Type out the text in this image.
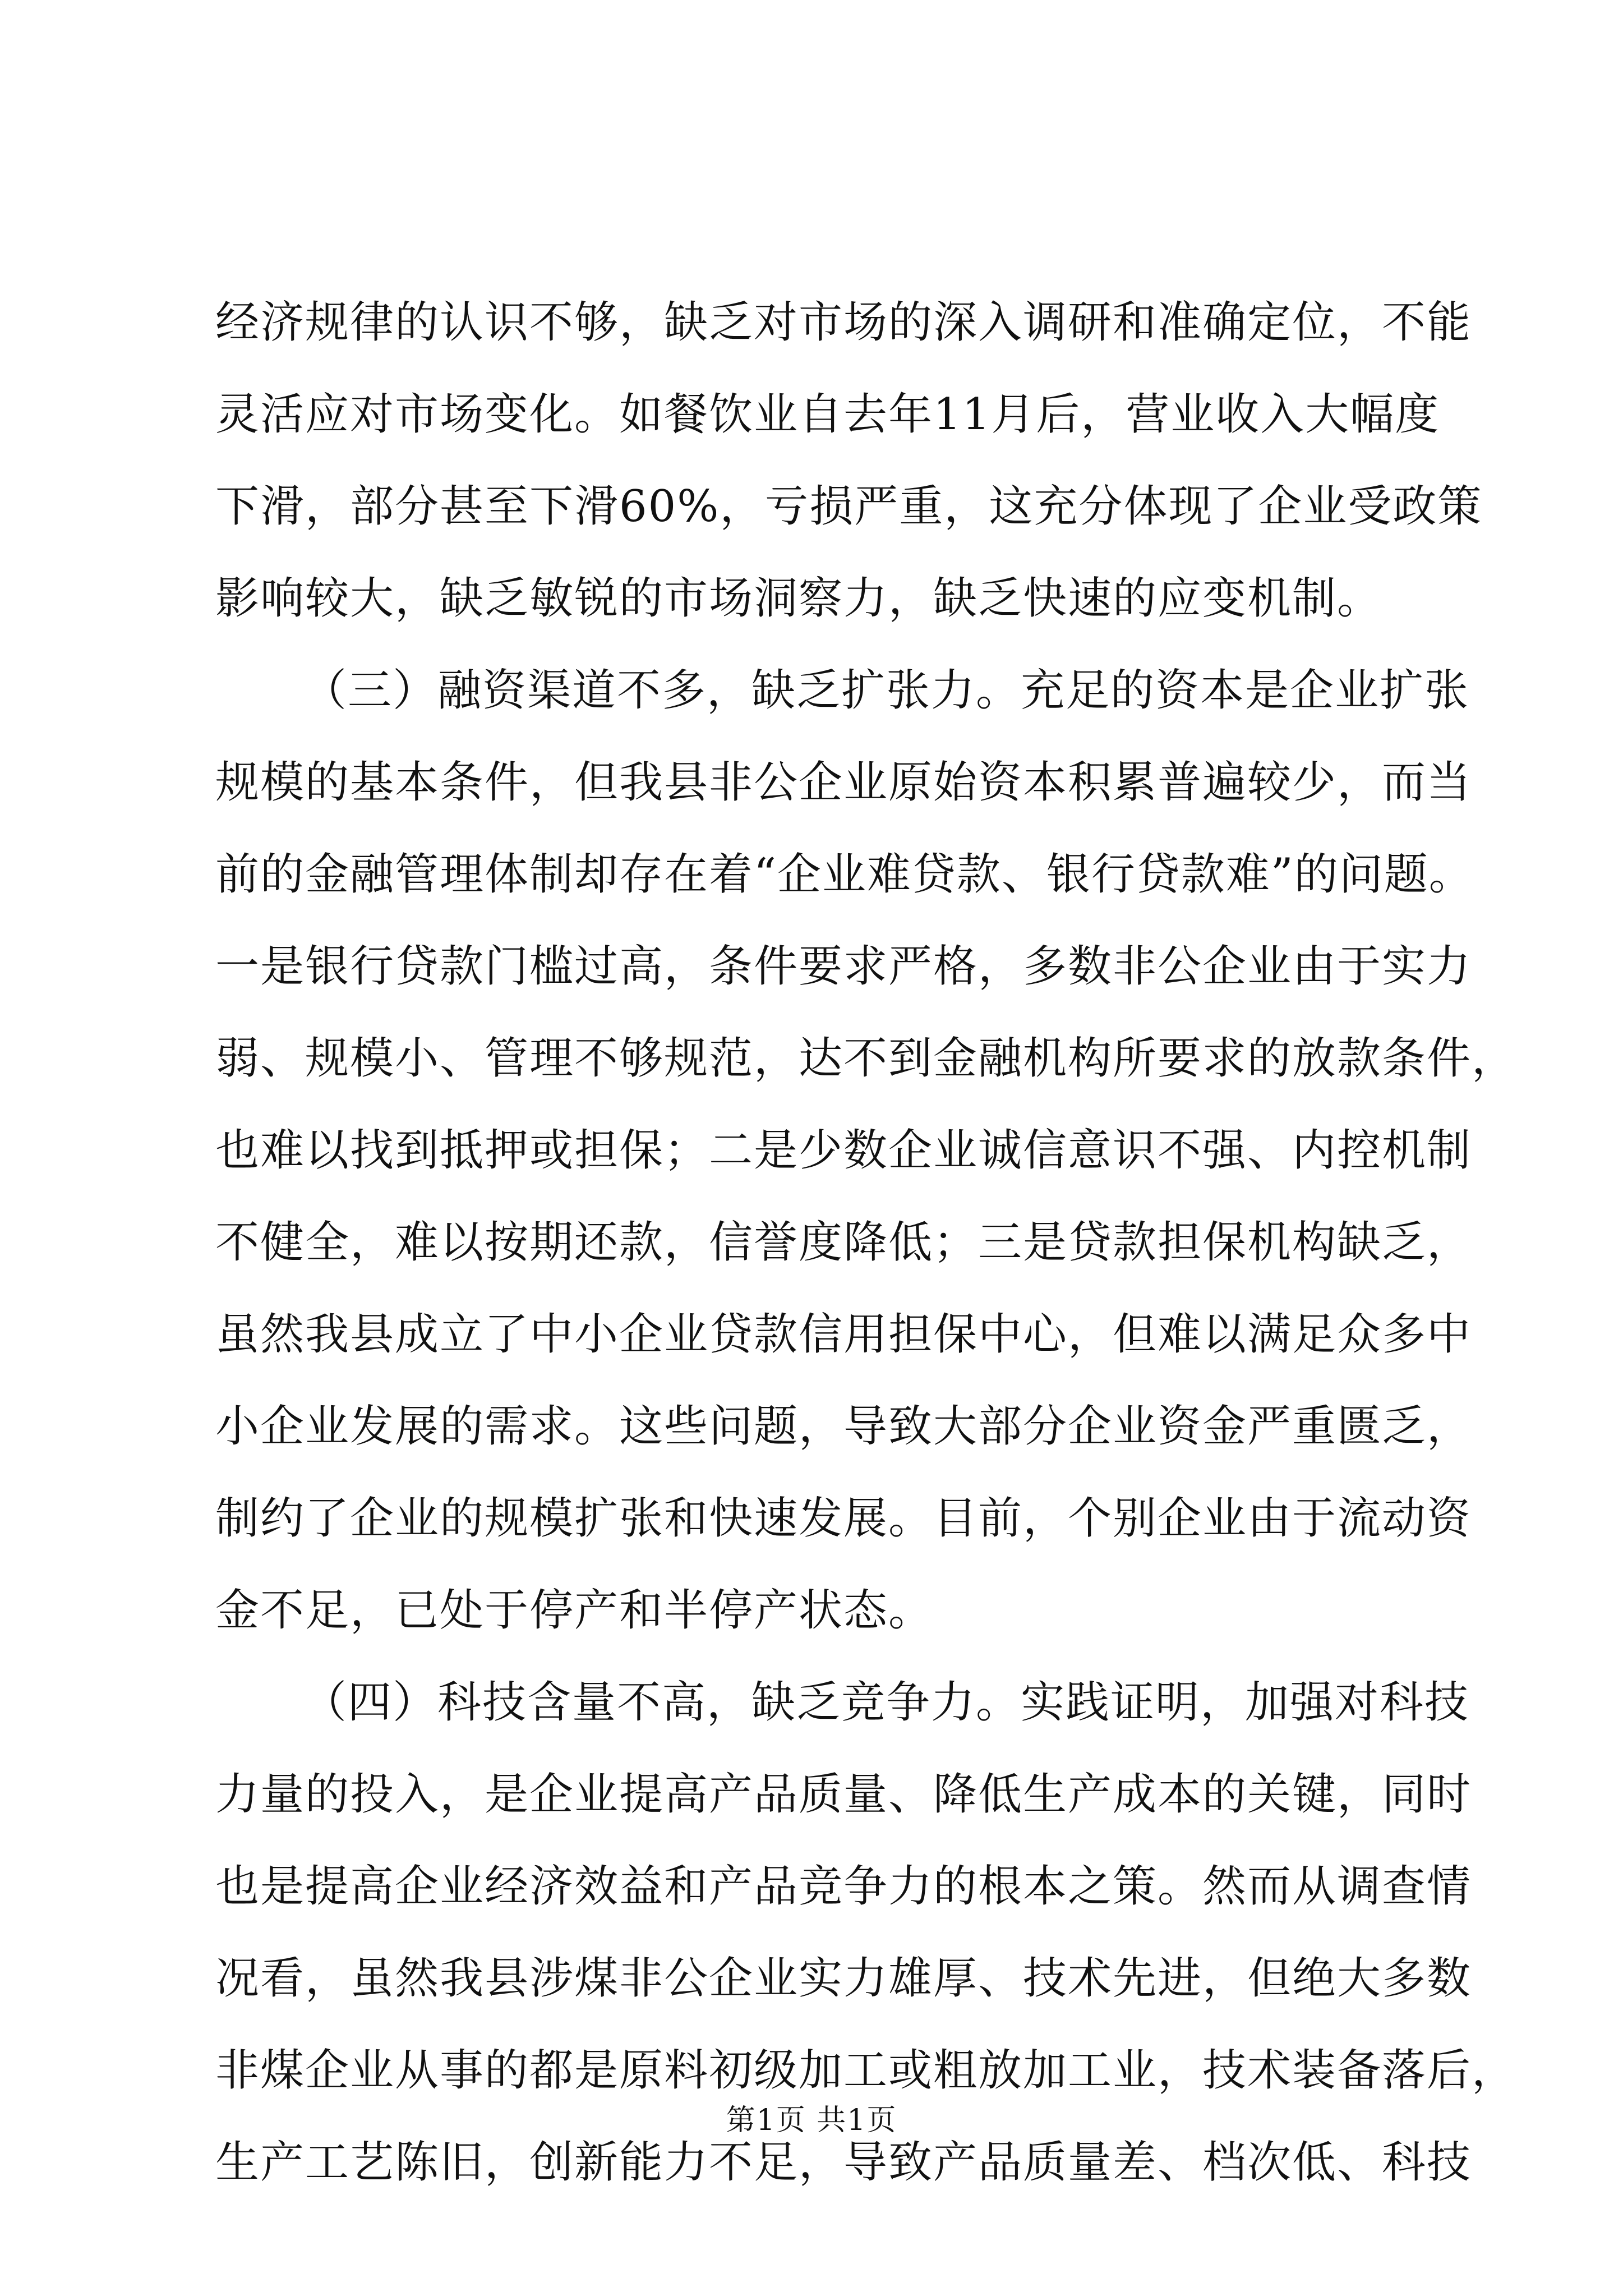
经济规律的认识不够，缺乏对市场的深入调研和准确定位，不能
灵活应对市场变化。如餐饮业自去年11月后，营业收入大幅度
下滑，部分甚至下滑60%，亏损严重，这充分体现了企业受政策
影响较大，缺乏敏锐的市场洞察力，缺乏快速的应变机制。
（三）融资渠道不多，缺乏扩张力。充足的资本是企业扩张
规模的基本条件，但我县非公企业原始资本积累普遍较少，而当
前的金融管理体制却存在着“企业难贷款、银行贷款难”的问题。
一是银行贷款门槛过高，条件要求严格，多数非公企业由于实力
弱、规模小、管理不够规范，达不到金融机构所要求的放款条件，
也难以找到抵押或担保；二是少数企业诚信意识不强、内控机制
不健全，难以按期还款，信誉度降低；三是贷款担保机构缺乏，
虽然我县成立了中小企业贷款信用担保中心，但难以满足众多中
小企业发展的需求。这些问题，导致大部分企业资金严重匮乏，
制约了企业的规模扩张和快速发展。目前，个别企业由于流动资
金不足，已处于停产和半停产状态。
（四）科技含量不高，缺乏竞争力。实践证明，加强对科技
力量的投入，是企业提高产品质量、降低生产成本的关键，同时
也是提高企业经济效益和产品竞争力的根本之策。然而从调查情
况看，虽然我县涉煤非公企业实力雄厚、技术先进，但绝大多数
非煤企业从事的都是原料初级加工或粗放加工业，技术装备落后，
生产工艺陈旧，创新能力不足，导致产品质量差、档次低、科技
第1页 共1页
